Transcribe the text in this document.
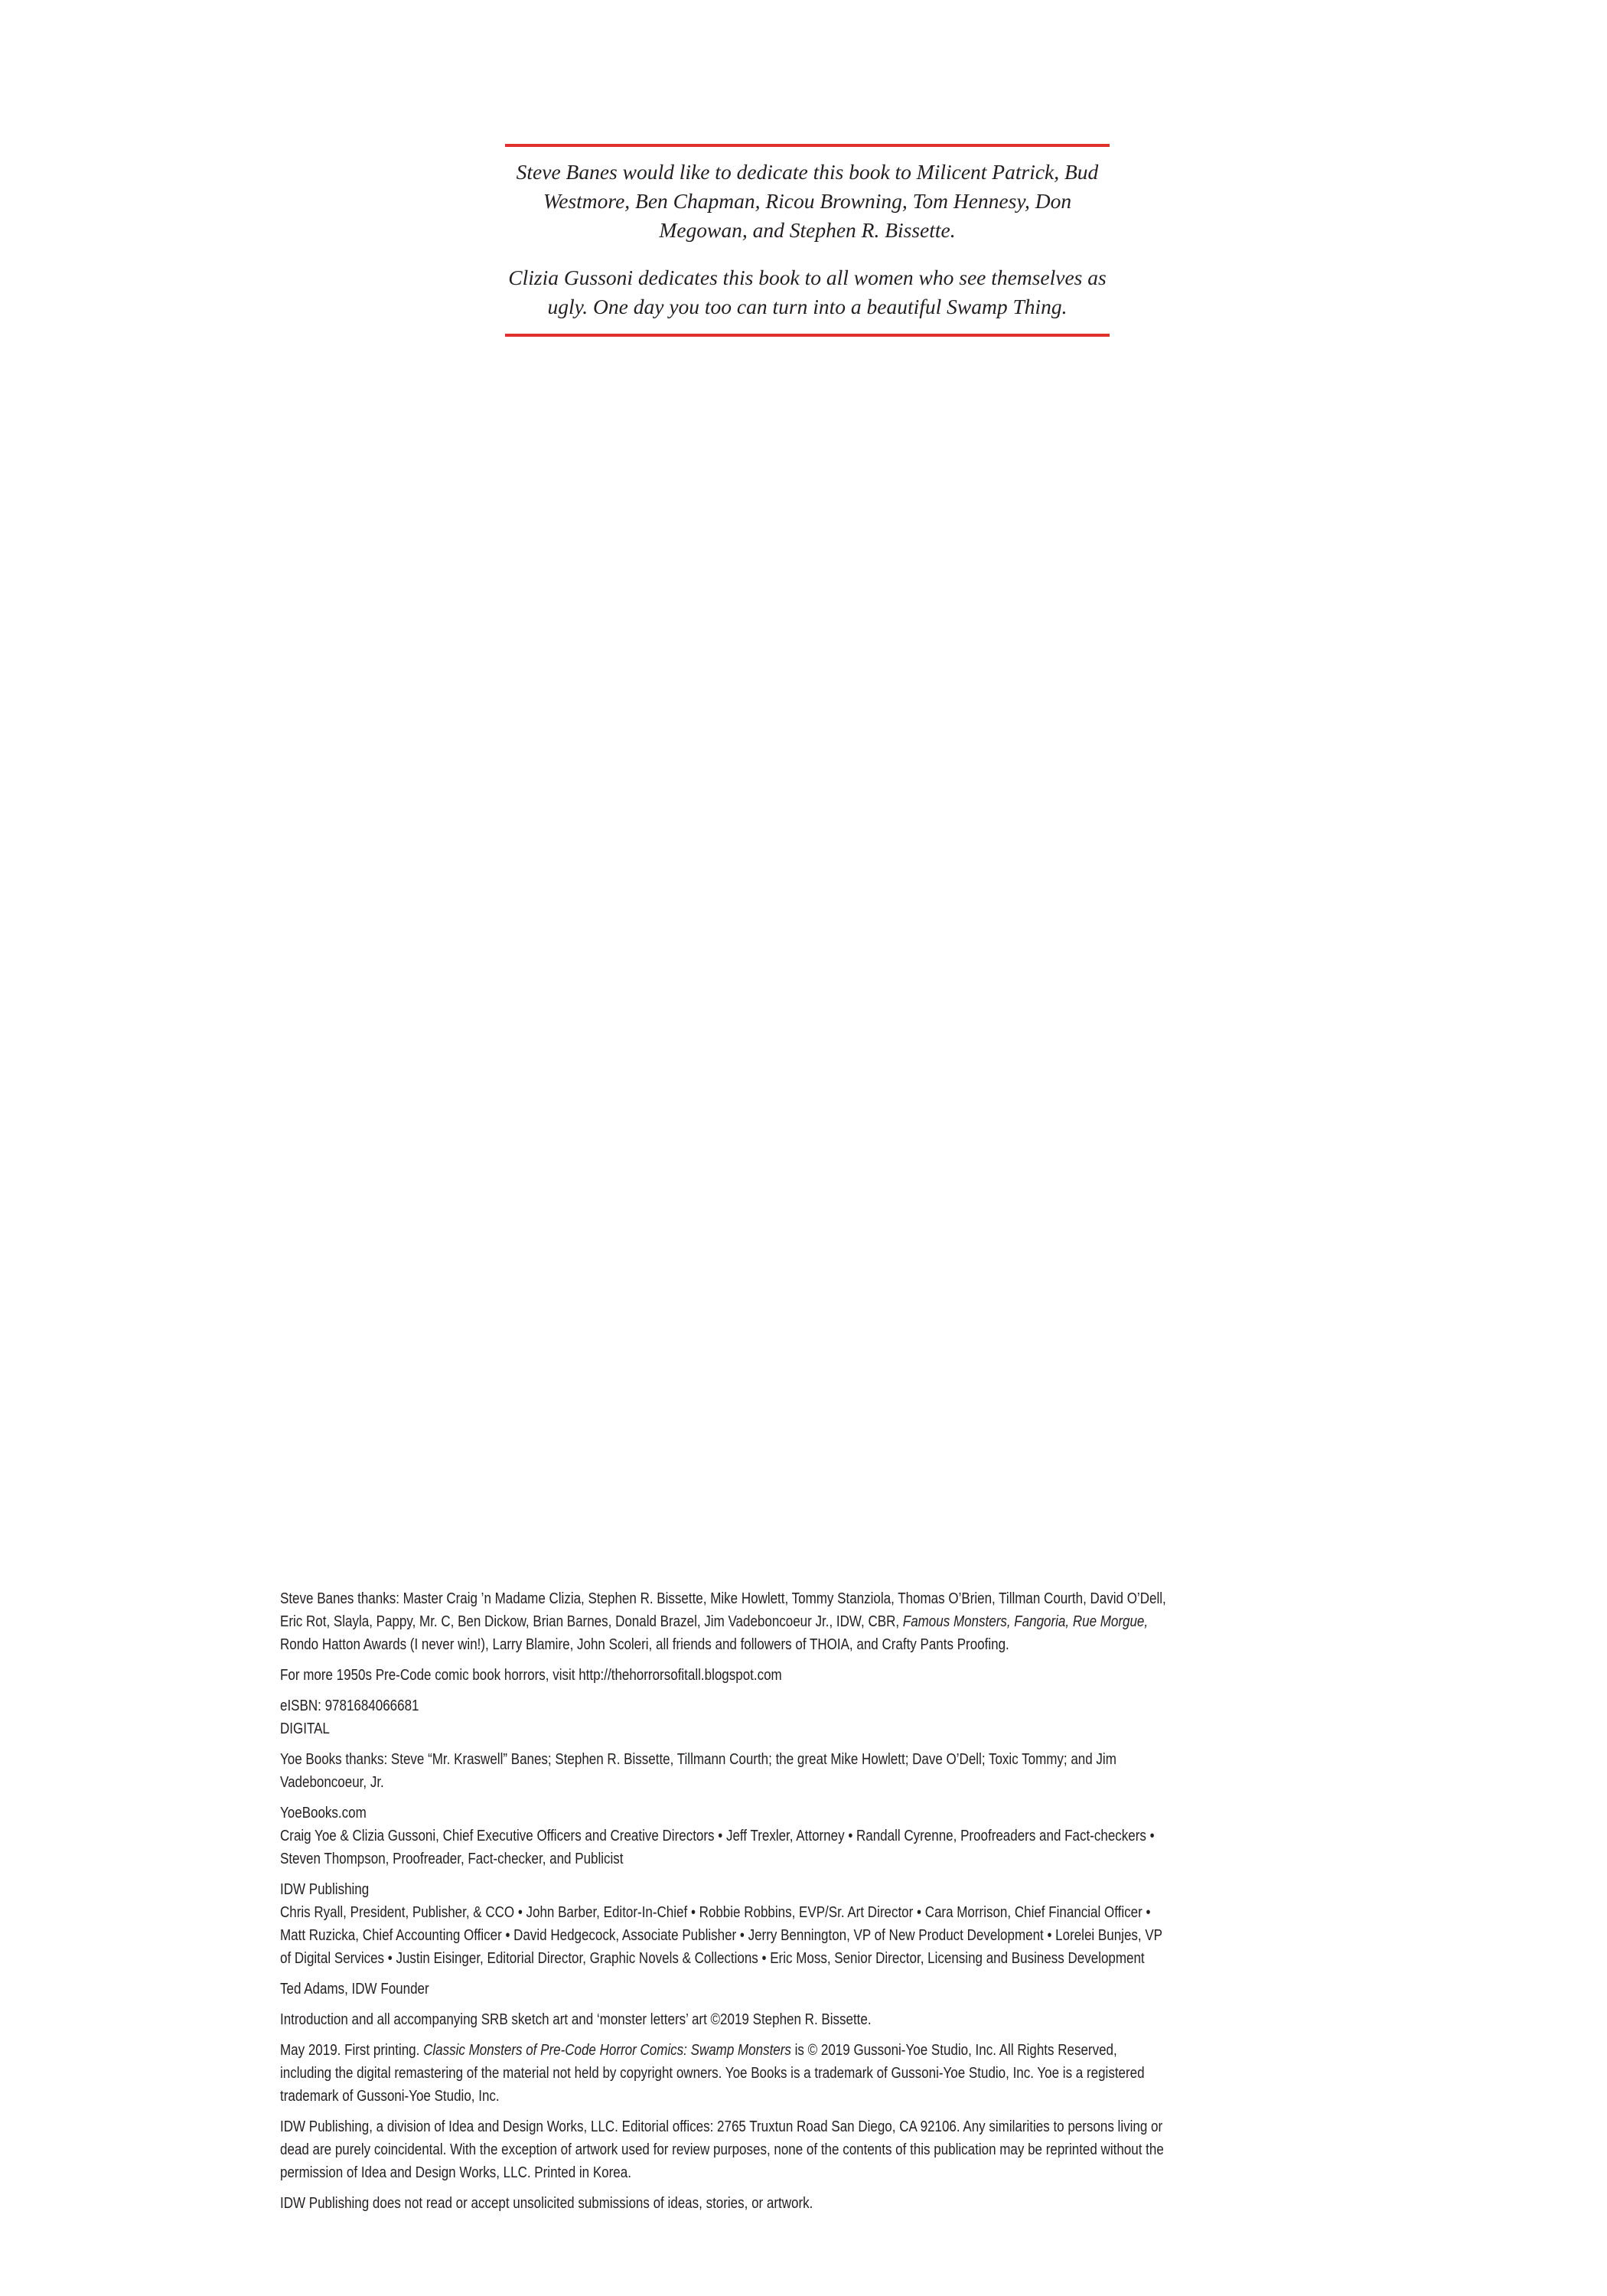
Steve Banes would like to dedicate this book to Milicent Patrick, Bud Westmore, Ben Chapman, Ricou Browning, Tom Hennesy, Don Megowan, and Stephen R. Bissette.

Clizia Gussoni dedicates this book to all women who see themselves as ugly. One day you too can turn into a beautiful Swamp Thing.

Steve Banes thanks: Master Craig ’n Madame Clizia, Stephen R. Bissette, Mike Howlett, Tommy Stanziola, Thomas O’Brien, Tillman Courth, David O’Dell, Eric Rot, Slayla, Pappy, Mr. C, Ben Dickow, Brian Barnes, Donald Brazel, Jim Vadeboncoeur Jr., IDW, CBR, Famous Monsters, Fangoria, Rue Morgue, Rondo Hatton Awards (I never win!), Larry Blamire, John Scoleri, all friends and followers of THOIA, and Crafty Pants Proofing.

For more 1950s Pre-Code comic book horrors, visit http://thehorrorsofitall.blogspot.com

eISBN: 9781684066681
DIGITAL

Yoe Books thanks: Steve “Mr. Kraswell” Banes; Stephen R. Bissette, Tillmann Courth; the great Mike Howlett; Dave O’Dell; Toxic Tommy; and Jim Vadeboncoeur, Jr.

YoeBooks.com
Craig Yoe & Clizia Gussoni, Chief Executive Officers and Creative Directors • Jeff Trexler, Attorney • Randall Cyrenne, Proofreaders and Fact-checkers • Steven Thompson, Proofreader, Fact-checker, and Publicist

IDW Publishing
Chris Ryall, President, Publisher, & CCO • John Barber, Editor-In-Chief • Robbie Robbins, EVP/Sr. Art Director • Cara Morrison, Chief Financial Officer • Matt Ruzicka, Chief Accounting Officer • David Hedgecock, Associate Publisher • Jerry Bennington, VP of New Product Development • Lorelei Bunjes, VP of Digital Services • Justin Eisinger, Editorial Director, Graphic Novels & Collections • Eric Moss, Senior Director, Licensing and Business Development

Ted Adams, IDW Founder

Introduction and all accompanying SRB sketch art and ‘monster letters’ art ©2019 Stephen R. Bissette.

May 2019. First printing. Classic Monsters of Pre-Code Horror Comics: Swamp Monsters is © 2019 Gussoni-Yoe Studio, Inc. All Rights Reserved, including the digital remastering of the material not held by copyright owners. Yoe Books is a trademark of Gussoni-Yoe Studio, Inc. Yoe is a registered trademark of Gussoni-Yoe Studio, Inc.

IDW Publishing, a division of Idea and Design Works, LLC. Editorial offices: 2765 Truxtun Road San Diego, CA 92106. Any similarities to persons living or dead are purely coincidental. With the exception of artwork used for review purposes, none of the contents of this publication may be reprinted without the permission of Idea and Design Works, LLC. Printed in Korea.

IDW Publishing does not read or accept unsolicited submissions of ideas, stories, or artwork.
